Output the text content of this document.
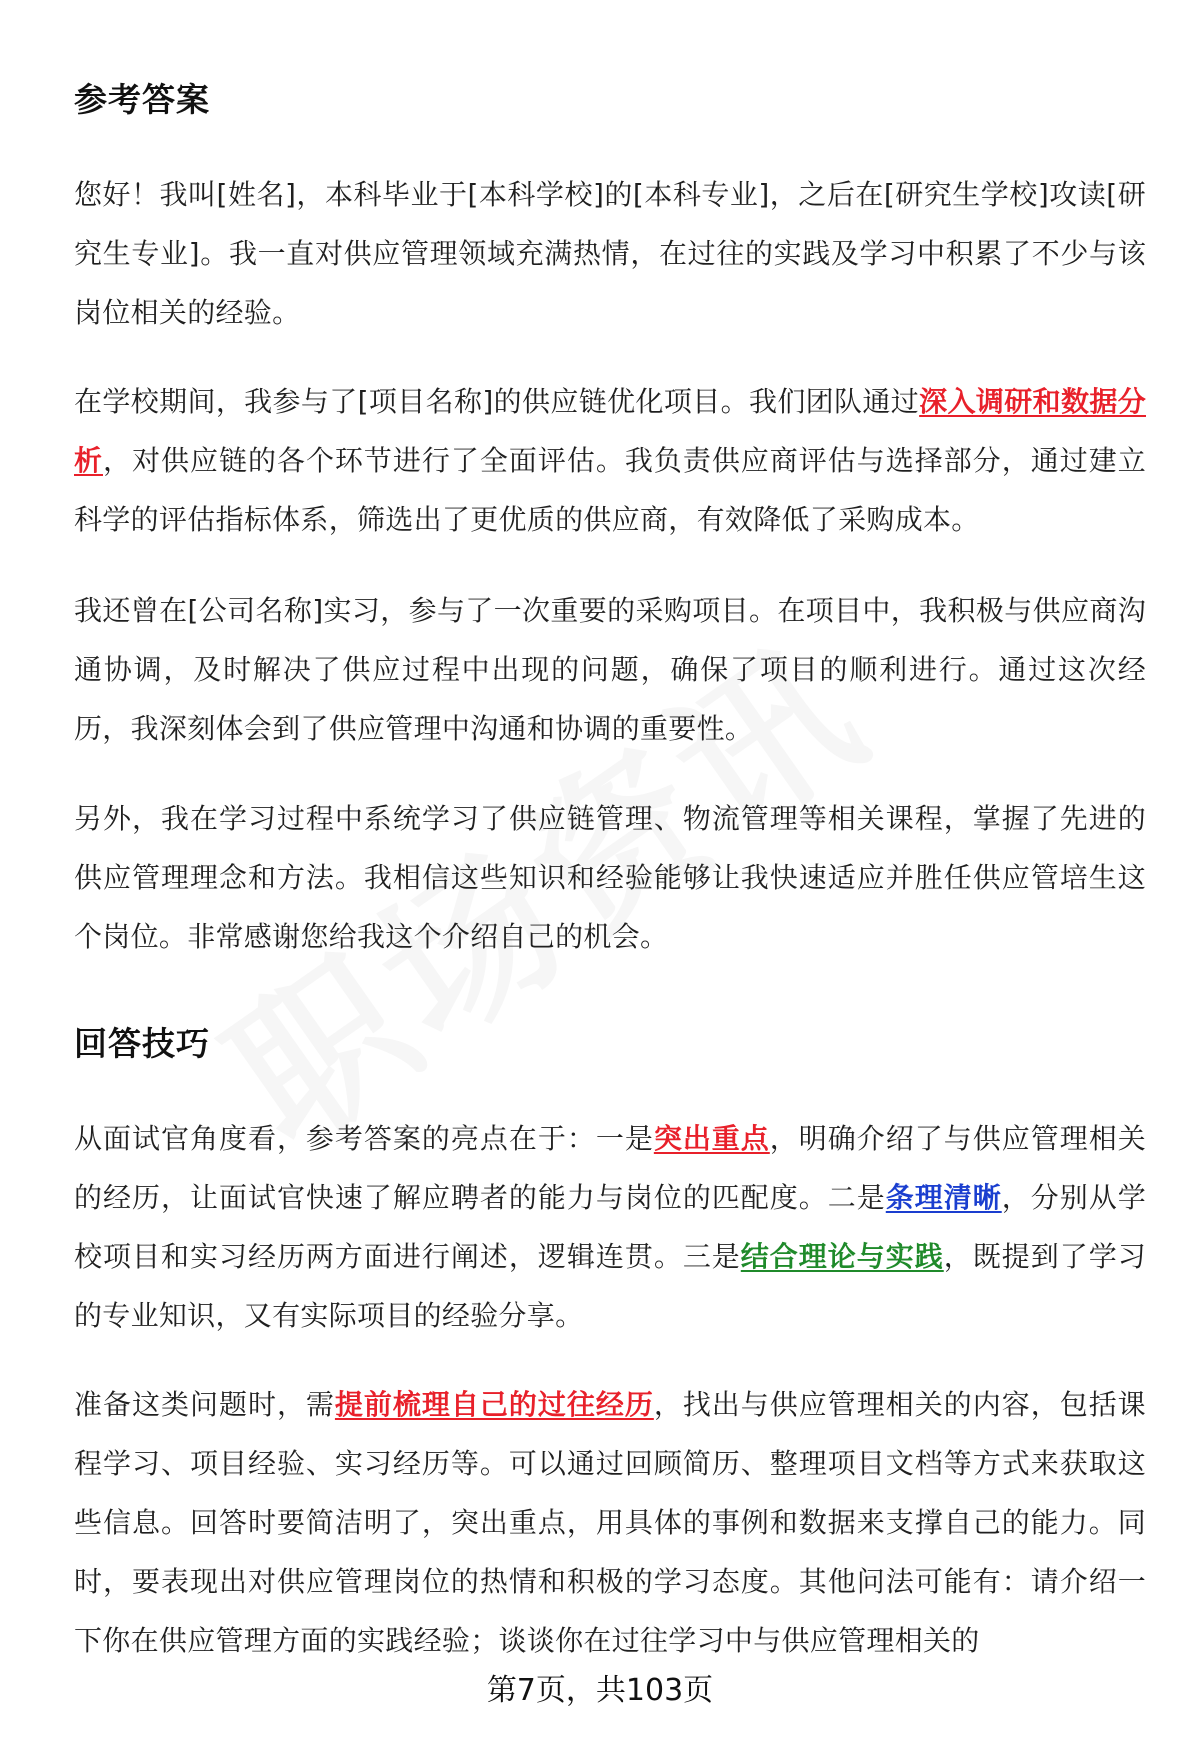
参考答案

您好！我叫[姓名]，本科毕业于[本科学校]的[本科专业]，之后在[研究生学校]攻读[研究生专业]。我一直对供应管理领域充满热情，在过往的实践及学习中积累了不少与该岗位相关的经验。

在学校期间，我参与了[项目名称]的供应链优化项目。我们团队通过深入调研和数据分析，对供应链的各个环节进行了全面评估。我负责供应商评估与选择部分，通过建立科学的评估指标体系，筛选出了更优质的供应商，有效降低了采购成本。

我还曾在[公司名称]实习，参与了一次重要的采购项目。在项目中，我积极与供应商沟通协调，及时解决了供应过程中出现的问题，确保了项目的顺利进行。通过这次经历，我深刻体会到了供应管理中沟通和协调的重要性。

另外，我在学习过程中系统学习了供应链管理、物流管理等相关课程，掌握了先进的供应管理理念和方法。我相信这些知识和经验能够让我快速适应并胜任供应管培生这个岗位。非常感谢您给我这个介绍自己的机会。

回答技巧

从面试官角度看，参考答案的亮点在于：一是突出重点，明确介绍了与供应管理相关的经历，让面试官快速了解应聘者的能力与岗位的匹配度。二是条理清晰，分别从学校项目和实习经历两方面进行阐述，逻辑连贯。三是结合理论与实践，既提到了学习的专业知识，又有实际项目的经验分享。

准备这类问题时，需提前梳理自己的过往经历，找出与供应管理相关的内容，包括课程学习、项目经验、实习经历等。可以通过回顾简历、整理项目文档等方式来获取这些信息。回答时要简洁明了，突出重点，用具体的事例和数据来支撑自己的能力。同时，要表现出对供应管理岗位的热情和积极的学习态度。其他问法可能有：请介绍一下你在供应管理方面的实践经验；谈谈你在过往学习中与供应管理相关的

第7页，共103页
